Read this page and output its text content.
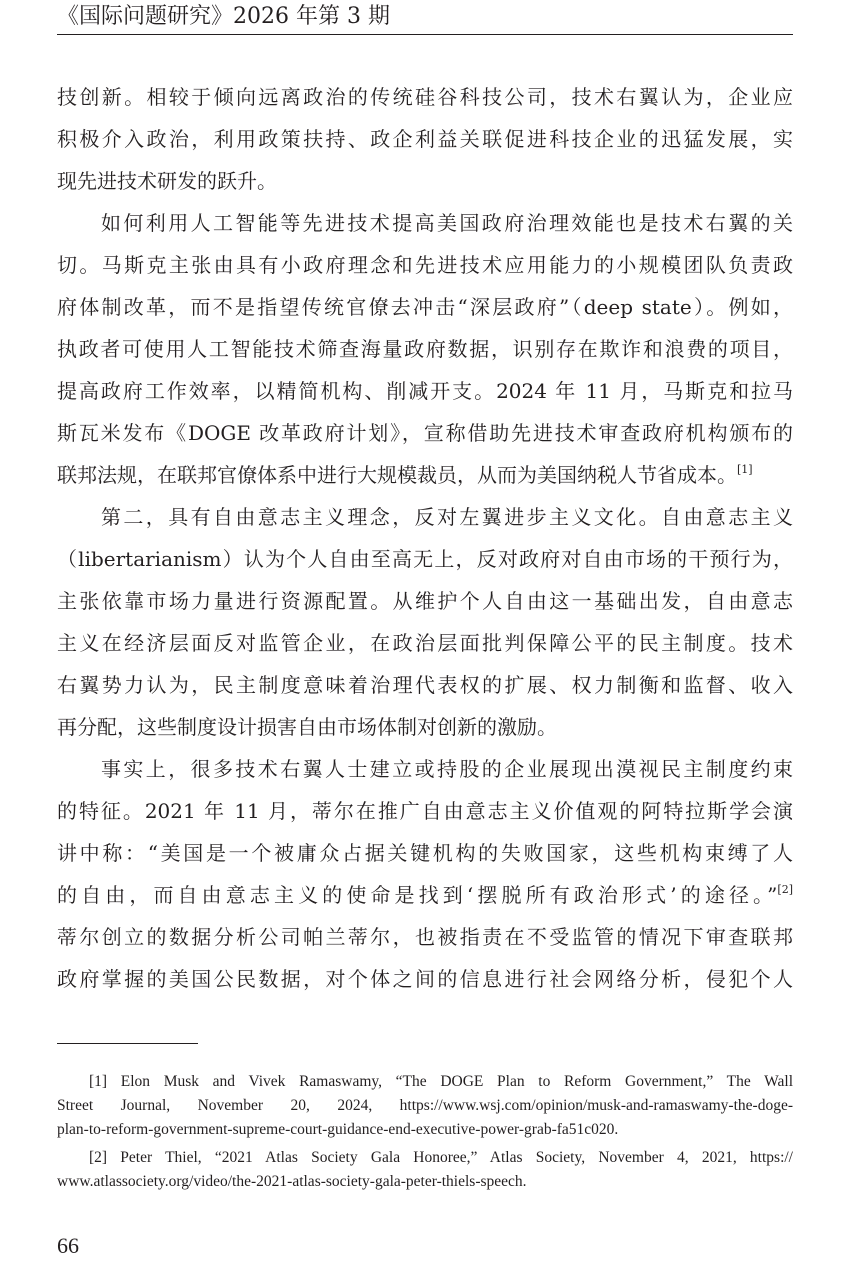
《国际问题研究》2026 年第 3 期
技创新。相较于倾向远离政治的传统硅谷科技公司，技术右翼认为，企业应
积极介入政治，利用政策扶持、政企利益关联促进科技企业的迅猛发展，实
现先进技术研发的跃升。
如何利用人工智能等先进技术提高美国政府治理效能也是技术右翼的关
切。马斯克主张由具有小政府理念和先进技术应用能力的小规模团队负责政
府体制改革，而不是指望传统官僚去冲击“深层政府”（deep state）。例如，
执政者可使用人工智能技术筛查海量政府数据，识别存在欺诈和浪费的项目，
提高政府工作效率，以精简机构、削减开支。2024 年 11 月，马斯克和拉马
斯瓦米发布《DOGE 改革政府计划》，宣称借助先进技术审查政府机构颁布的
联邦法规，在联邦官僚体系中进行大规模裁员，从而为美国纳税人节省成本。[1]
第二，具有自由意志主义理念，反对左翼进步主义文化。自由意志主义
（libertarianism）认为个人自由至高无上，反对政府对自由市场的干预行为，
主张依靠市场力量进行资源配置。从维护个人自由这一基础出发，自由意志
主义在经济层面反对监管企业，在政治层面批判保障公平的民主制度。技术
右翼势力认为，民主制度意味着治理代表权的扩展、权力制衡和监督、收入
再分配，这些制度设计损害自由市场体制对创新的激励。
事实上，很多技术右翼人士建立或持股的企业展现出漠视民主制度约束
的特征。2021 年 11 月，蒂尔在推广自由意志主义价值观的阿特拉斯学会演
讲中称：“美国是一个被庸众占据关键机构的失败国家，这些机构束缚了人
的自由，而自由意志主义的使命是找到‘摆脱所有政治形式’的途径。”[2]
蒂尔创立的数据分析公司帕兰蒂尔，也被指责在不受监管的情况下审查联邦
政府掌握的美国公民数据，对个体之间的信息进行社会网络分析，侵犯个人
[1] Elon Musk and Vivek Ramaswamy, “The DOGE Plan to Reform Government,” The Wall
Street Journal, November 20, 2024, https://www.wsj.com/opinion/musk-and-ramaswamy-the-doge-
plan-to-reform-government-supreme-court-guidance-end-executive-power-grab-fa51c020.
[2] Peter Thiel, “2021 Atlas Society Gala Honoree,” Atlas Society, November 4, 2021, https://
www.atlassociety.org/video/the-2021-atlas-society-gala-peter-thiels-speech.
66
